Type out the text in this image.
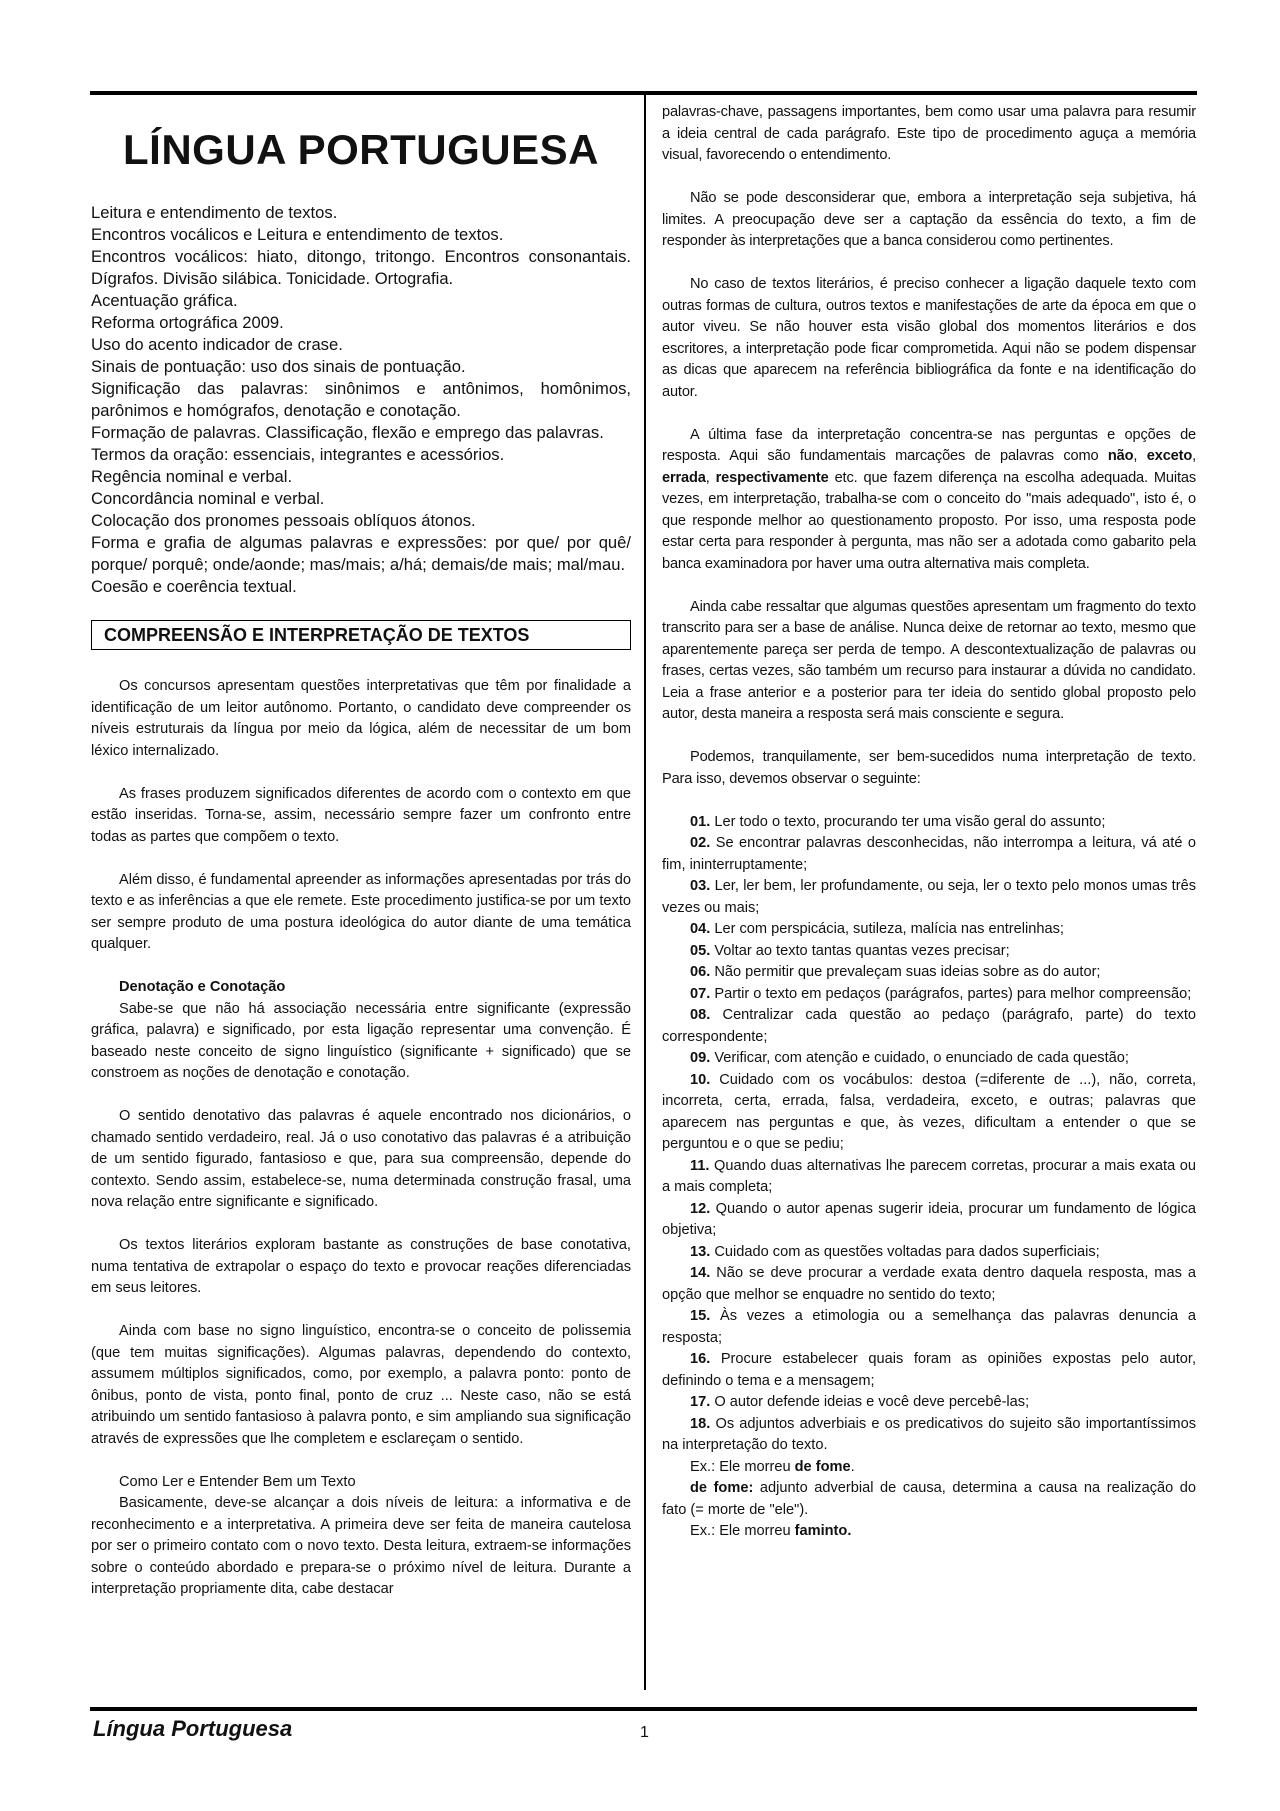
LÍNGUA PORTUGUESA
Leitura e entendimento de textos.
Encontros vocálicos e Leitura e entendimento de textos.
Encontros vocálicos: hiato, ditongo, tritongo. Encontros consonantais. Dígrafos. Divisão silábica. Tonicidade. Ortografia.
Acentuação gráfica.
Reforma ortográfica 2009.
Uso do acento indicador de crase.
Sinais de pontuação: uso dos sinais de pontuação.
Significação das palavras: sinônimos e antônimos, homônimos, parônimos e homógrafos, denotação e conotação.
Formação de palavras. Classificação, flexão e emprego das palavras.
Termos da oração: essenciais, integrantes e acessórios.
Regência nominal e verbal.
Concordância nominal e verbal.
Colocação dos pronomes pessoais oblíquos átonos.
Forma e grafia de algumas palavras e expressões: por que/ por quê/ porque/ porquê; onde/aonde; mas/mais; a/há; demais/de mais; mal/mau.
Coesão e coerência textual.
COMPREENSÃO E INTERPRETAÇÃO DE TEXTOS

Os concursos apresentam questões interpretativas que têm por finalidade a identificação de um leitor autônomo. Portanto, o candidato deve compreender os níveis estruturais da língua por meio da lógica, além de necessitar de um bom léxico internalizado.

As frases produzem significados diferentes de acordo com o contexto em que estão inseridas. Torna-se, assim, necessário sempre fazer um confronto entre todas as partes que compõem o texto.

Além disso, é fundamental apreender as informações apresentadas por trás do texto e as inferências a que ele remete. Este procedimento justifica-se por um texto ser sempre produto de uma postura ideológica do autor diante de uma temática qualquer.

Denotação e Conotação

Sabe-se que não há associação necessária entre significante (expressão gráfica, palavra) e significado, por esta ligação representar uma convenção. É baseado neste conceito de signo linguístico (significante + significado) que se constroem as noções de denotação e conotação.

O sentido denotativo das palavras é aquele encontrado nos dicionários, o chamado sentido verdadeiro, real. Já o uso conotativo das palavras é a atribuição de um sentido figurado, fantasioso e que, para sua compreensão, depende do contexto. Sendo assim, estabelece-se, numa determinada construção frasal, uma nova relação entre significante e significado.

Os textos literários exploram bastante as construções de base conotativa, numa tentativa de extrapolar o espaço do texto e provocar reações diferenciadas em seus leitores.

Ainda com base no signo linguístico, encontra-se o conceito de polissemia (que tem muitas significações). Algumas palavras, dependendo do contexto, assumem múltiplos significados, como, por exemplo, a palavra ponto: ponto de ônibus, ponto de vista, ponto final, ponto de cruz ... Neste caso, não se está atribuindo um sentido fantasioso à palavra ponto, e sim ampliando sua significação através de expressões que lhe completem e esclareçam o sentido.

Como Ler e Entender Bem um Texto

Basicamente, deve-se alcançar a dois níveis de leitura: a informativa e de reconhecimento e a interpretativa. A primeira deve ser feita de maneira cautelosa por ser o primeiro contato com o novo texto. Desta leitura, extraem-se informações sobre o conteúdo abordado e prepara-se o próximo nível de leitura. Durante a interpretação propriamente dita, cabe destacar

palavras-chave, passagens importantes, bem como usar uma palavra para resumir a ideia central de cada parágrafo. Este tipo de procedimento aguça a memória visual, favorecendo o entendimento.

Não se pode desconsiderar que, embora a interpretação seja subjetiva, há limites. A preocupação deve ser a captação da essência do texto, a fim de responder às interpretações que a banca considerou como pertinentes.

No caso de textos literários, é preciso conhecer a ligação daquele texto com outras formas de cultura, outros textos e manifestações de arte da época em que o autor viveu. Se não houver esta visão global dos momentos literários e dos escritores, a interpretação pode ficar comprometida. Aqui não se podem dispensar as dicas que aparecem na referência bibliográfica da fonte e na identificação do autor.

A última fase da interpretação concentra-se nas perguntas e opções de resposta. Aqui são fundamentais marcações de palavras como não, exceto, errada, respectivamente etc. que fazem diferença na escolha adequada. Muitas vezes, em interpretação, trabalha-se com o conceito do "mais adequado", isto é, o que responde melhor ao questionamento proposto. Por isso, uma resposta pode estar certa para responder à pergunta, mas não ser a adotada como gabarito pela banca examinadora por haver uma outra alternativa mais completa.

Ainda cabe ressaltar que algumas questões apresentam um fragmento do texto transcrito para ser a base de análise. Nunca deixe de retornar ao texto, mesmo que aparentemente pareça ser perda de tempo. A descontextualização de palavras ou frases, certas vezes, são também um recurso para instaurar a dúvida no candidato. Leia a frase anterior e a posterior para ter ideia do sentido global proposto pelo autor, desta maneira a resposta será mais consciente e segura.

Podemos, tranquilamente, ser bem-sucedidos numa interpretação de texto. Para isso, devemos observar o seguinte:

01. Ler todo o texto, procurando ter uma visão geral do assunto;
02. Se encontrar palavras desconhecidas, não interrompa a leitura, vá até o fim, ininterruptamente;
03. Ler, ler bem, ler profundamente, ou seja, ler o texto pelo monos umas três vezes ou mais;
04. Ler com perspicácia, sutileza, malícia nas entrelinhas;
05. Voltar ao texto tantas quantas vezes precisar;
06. Não permitir que prevaleçam suas ideias sobre as do autor;
07. Partir o texto em pedaços (parágrafos, partes) para melhor compreensão;
08. Centralizar cada questão ao pedaço (parágrafo, parte) do texto correspondente;
09. Verificar, com atenção e cuidado, o enunciado de cada questão;
10. Cuidado com os vocábulos: destoa (=diferente de ...), não, correta, incorreta, certa, errada, falsa, verdadeira, exceto, e outras; palavras que aparecem nas perguntas e que, às vezes, dificultam a entender o que se perguntou e o que se pediu;
11. Quando duas alternativas lhe parecem corretas, procurar a mais exata ou a mais completa;
12. Quando o autor apenas sugerir ideia, procurar um fundamento de lógica objetiva;
13. Cuidado com as questões voltadas para dados superficiais;
14. Não se deve procurar a verdade exata dentro daquela resposta, mas a opção que melhor se enquadre no sentido do texto;
15. Às vezes a etimologia ou a semelhança das palavras denuncia a resposta;
16. Procure estabelecer quais foram as opiniões expostas pelo autor, definindo o tema e a mensagem;
17. O autor defende ideias e você deve percebê-las;
18. Os adjuntos adverbiais e os predicativos do sujeito são importantíssimos na interpretação do texto.
Ex.: Ele morreu de fome.
de fome: adjunto adverbial de causa, determina a causa na realização do fato (= morte de "ele").
Ex.: Ele morreu faminto.
Língua Portuguesa	1
